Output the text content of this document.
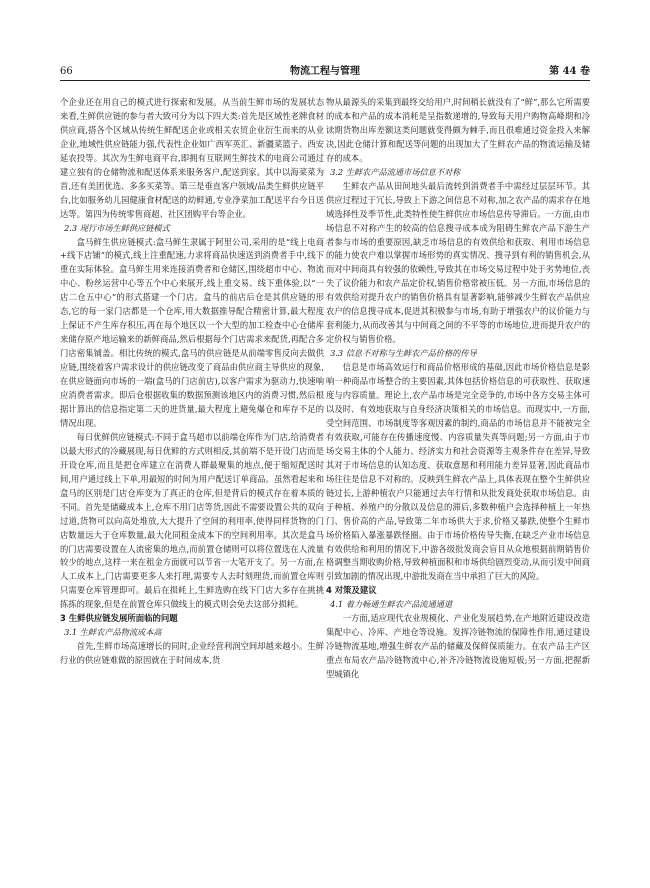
66	物流工程与管理	第 44 卷

个企业还在用自己的模式进行探索和发展。从当前生鲜市场的发展状态来看,生鲜供应链的参与者大致可分为以下四大类:首先是区域性老牌食材供应商,搭各个区域从传统生鲜配送企业或相关农贸企业衍生而来的从业企业,地域性供应链能力强,代表性企业如广西军英汇、新疆菜篮子、西安延农投等。其次为生鲜电商平台,即拥有互联网生鲜技术的电商公司通过建立独有的仓储物流和配送体系来服务客户,配送到家。其中以海菜菜为首,还有美团优选、多多买菜等。第三是垂直客户领域/品类生鲜供应链平台,比如服务幼儿园健康食材配送的幼鲜通,专业净菜加工配送平台今日送达等。第四为传统零售商超、社区团购平台等企业。

2.3 现行市场生鲜供应链模式

盒马鲜生供应链模式:盒马鲜生隶属于阿里公司,采用的是“线上电商+线下店铺”的模式,线上注重配速,力求将商品快速送到消费者手中,线下重在实际体验。盒马鲜生用来连接消费者和仓储区,围绕超市中心、物流中心、粉丝运营中心等五个中心来展开,线上重交易、线下重体验,以“一店二仓五中心”的形式搭建一个门店。盒马的前店后仓是其供应链的形态,它的每一家门店都是一个仓库,用大数据推导配合精密计算,最大程度上保证不产生库存积压,再在每个地区以一个大型的加工检查中心仓储库来储存原产地运输来的新鲜商品,然后根据每个门店需求来配货,再配合多门店密集铺盖。相比传统的模式,盒马的供应链是从前端零售反向去做供应链,围绕着客户需求设计的供应链改变了商品由供应商主导供应的现象,在供应链面向市场的一端(盒马的门店前店),以客户需求为驱动力,快速响应消费者需求。即后仓根据收集的数据预测该地区内的消费习惯,然后根据计算出的信息指定第二天的进货量,最大程度上避免爆仓和库存不足的情况出现。

每日优鲜供应链模式:不同于盒马超市以前端仓库作为门店,给消费者以最大形式的冷藏展现,每日优鲜的方式则相反,其前端不是开设门店而是开设仓库,而且是把仓库建立在消费人群最聚集的地点,便于缩短配送时间,用户通过线上下单,用最短的时间为用户配送订单商品。虽然看起来和盒马的区别是门店仓库变为了真正的仓库,但是背后的模式存在着本质的不同。首先是储藏成本上,仓库不用门店等货,因此不需要设置公共的双向过道,货物可以向高处堆放,大大提升了空间的利用率,使得同样货物的门店数量远大于仓库数量,最大化同租金成本下的空间利用率。其次是盒马的门店需要设置在人流密集的地点,而前置仓储则可以将位置选在人流量较少的地点,这样一来在租金方面就可以节省一大笔开支了。另一方面,在人工成本上,门店需要更多人来打理,需要专人去时刻理货,而前置仓库则只需要仓库管理即可。最后在损耗上,生鲜选购在线下门店大多存在挑挑拣拣的现象,但是在前置仓库只做线上的模式则会免去这部分损耗。

3 生鲜供应链发展所面临的问题
3.1 生鲜农产品物流成本高

首先,生鲜市场高速增长的同时,企业经营利润空间却越来越小。生鲜行业的供应链难做的原因就在于时间成本,货

物从最源头的采集到最终交给用户,时间稍长就没有了“鲜”,那么它所需要的成本和产品的成本消耗是呈指数递增的,导致每天用户购物高峰期和冷读期货物出库差额这类问题就变得颇为棘手,而且很难通过资金投入来解决,因此仓储计算和配送等问题的出现加大了生鲜农产品的物流运输及储存的成本。

3.2 生鲜农产品流通市场信息不对称

生鲜农产品从田间地头最后流转到消费者手中需经过层层环节。其供应过程过于冗长,导致上下游之间信息不对称,加之农产品的需求存在地域选择性及季节性,此类特性使生鲜供应市场信息传导滞后。一方面,由市场信息不对称产生的较高的信息搜寻成本成为阻碍生鲜农产品下游生产者参与市场的重要原因,缺乏市场信息的有效供给和获取、利用市场信息的能力使农户难以掌握市场形势的真实情况、搜寻到有利的销售机会,从而对中间商具有较强的依赖性,导致其在市场交易过程中处于劣势地位,丧失了议价能力和农产品定价权,销售价格常被压低。另一方面,市场信息的有效供给对提升农户的销售价格具有显著影响,能够减少生鲜农产品供应农户的信息搜寻成本,促进其积极参与市场,有助于增强农户的议价能力与套利能力,从而改善其与中间商之间的不平等的市场地位,进而提升农户的定价权与销售价格。

3.3 信息不对称与生鲜农产品价格的传导

信息是市场高效运行和商品价格形成的基础,因此市场价格信息是影响一种商品市场整合的主要因素,其体包括价格信息的可获取性、获取速度与内容质量。理论上,农产品市场是完全竞争的,市场中各方交易主体可以及时、有效地获取与自身经济决策相关的市场信息。而现实中,一方面,受空间范围、市场制度等客观因素的制约,商品的市场信息并不能被完全有效获取,可能存在传播速度慢、内容质量失真等问题;另一方面,由于市场交易主体的个人能力、经济实力和社会资源等主观条件存在差异,导致其对于市场信息的认知态度、获取意愿和利用能力差异显著,因此商品市场往往是信息不对称的。反映到生鲜农产品上,具体表现在整个生鲜供应链过长,上游种植农户只能通过去年行情和从批发商处获取市场信息。由于种植、养殖户的分散以及信息的滞后,多数种植户会选择种植上一年热门、售价高的产品,导致第二年市场供大于求,价格又暴跌,使整个生鲜市场价格陷入暴涨暴跌怪圈。由于市场价格传导失衡,在缺乏产业市场信息有效供给和利用的情况下,中游各级批发商会盲目从众地根据前期销售价格调整当期收购价格,导致种植面积和市场供给剧烈变动,从而引发中间商引致加剧的情况出现,中游批发商在当中承担了巨大的风险。

4 对策及建议
4.1 着力畅通生鲜农产品流通通道

一方面,适应现代农业规模化、产业化发展趋势,在产地附近建设改造集配中心、冷库、产地仓等设施。发挥冷链物流的保障性作用,通过建设冷链物流基地,增强生鲜农产品的储藏及保鲜保质能力。在农产品主产区重点布局农产品冷链物流中心,补齐冷链物流设施短板;另一方面,把握新型城镇化
